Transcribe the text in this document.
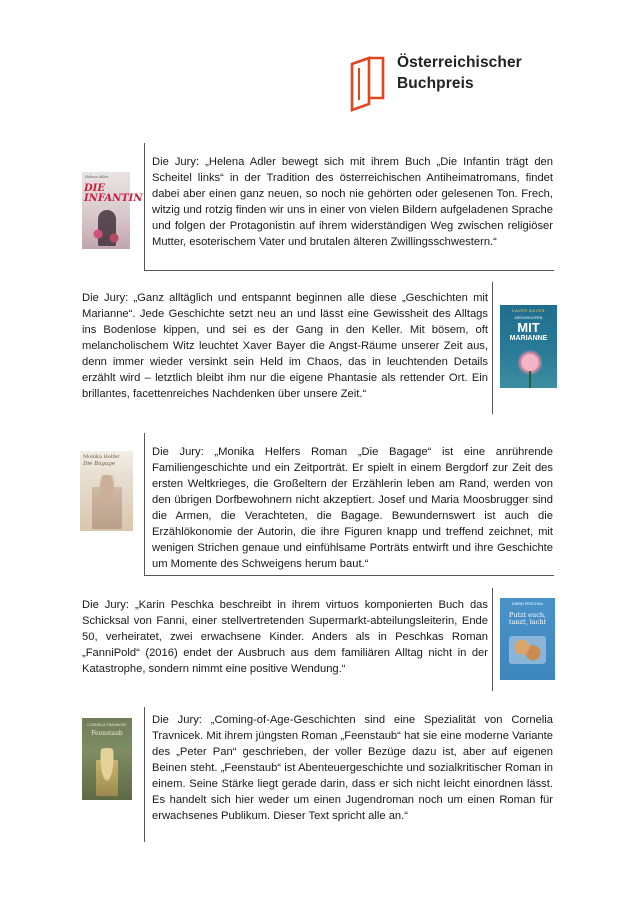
Österreichischer
Buchpreis
Helena Adler
DIE INFANTIN
Die Jury: „Helena Adler bewegt sich mit ihrem Buch „Die Infantin trägt den Scheitel links“ in der Tradition des österreichischen Antiheimatromans, findet dabei aber einen ganz neuen, so noch nie gehörten oder gelesenen Ton. Frech, witzig und rotzig finden wir uns in einer von vielen Bildern aufgeladenen Sprache und folgen der Protagonistin auf ihrem widerständigen Weg zwischen religiöser Mutter, esoterischem Vater und brutalen älteren Zwillingsschwestern.“
Die Jury: „Ganz alltäglich und entspannt beginnen alle diese „Geschichten mit Marianne“. Jede Geschichte setzt neu an und lässt eine Gewissheit des Alltags ins Bodenlose kippen, und sei es der Gang in den Keller. Mit bösem, oft melancholischem Witz leuchtet Xaver Bayer die Angst-Räume unserer Zeit aus, denn immer wieder versinkt sein Held im Chaos, das in leuchtenden Details erzählt wird – letztlich bleibt ihm nur die eigene Phantasie als rettender Ort. Ein brillantes, facettenreiches Nachdenken über unsere Zeit.“
XAVER BAYER
GESCHICHTEN
MIT
MARIANNE
Monika Helfer
Die Bagage
Die Jury: „Monika Helfers Roman „Die Bagage“ ist eine anrührende Familiengeschichte und ein Zeitporträt. Er spielt in einem Bergdorf zur Zeit des ersten Weltkrieges, die Großeltern der Erzählerin leben am Rand, werden von den übrigen Dorfbewohnern nicht akzeptiert. Josef und Maria Moosbrugger sind die Armen, die Verachteten, die Bagage. Bewundernswert ist auch die Erzählökonomie der Autorin, die ihre Figuren knapp und treffend zeichnet, mit wenigen Strichen genaue und einfühlsame Porträts entwirft und ihre Geschichte um Momente des Schweigens herum baut.“
Die Jury: „Karin Peschka beschreibt in ihrem virtuos komponierten Buch das Schicksal von Fanni, einer stellvertretenden Supermarkt-abteilungsleiterin, Ende 50, verheiratet, zwei erwachsene Kinder. Anders als in Peschkas Roman „FanniPold“ (2016) endet der Ausbruch aus dem familiären Alltag nicht in der Katastrophe, sondern nimmt eine positive Wendung.“
KARIN PESCHKA
Putzt euch, tanzt, lacht
CORNELIA TRAVNICEK
Feenstaub
Die Jury: „Coming-of-Age-Geschichten sind eine Spezialität von Cornelia Travnicek. Mit ihrem jüngsten Roman „Feenstaub“ hat sie eine moderne Variante des „Peter Pan“ geschrieben, der voller Bezüge dazu ist, aber auf eigenen Beinen steht. „Feenstaub“ ist Abenteuergeschichte und sozialkritischer Roman in einem. Seine Stärke liegt gerade darin, dass er sich nicht leicht einordnen lässt. Es handelt sich hier weder um einen Jugendroman noch um einen Roman für erwachsenes Publikum. Dieser Text spricht alle an.“
